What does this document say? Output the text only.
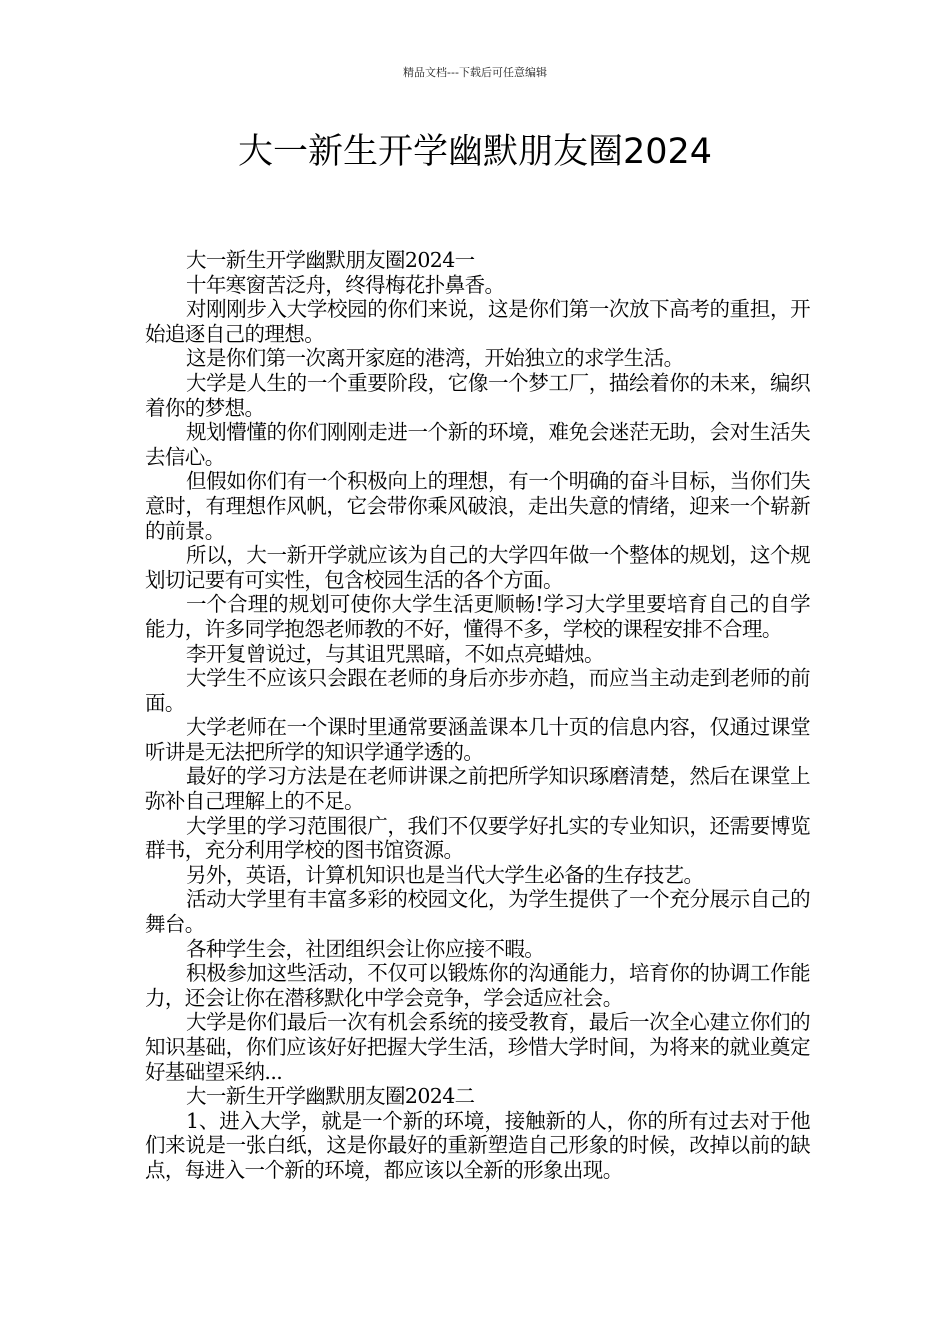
精品文档---下载后可任意编辑
大一新生开学幽默朋友圈2024

大一新生开学幽默朋友圈2024一

十年寒窗苦泛舟，终得梅花扑鼻香。

对刚刚步入大学校园的你们来说，这是你们第一次放下高考的重担，开始追逐自己的理想。

这是你们第一次离开家庭的港湾，开始独立的求学生活。

大学是人生的一个重要阶段，它像一个梦工厂，描绘着你的未来，编织着你的梦想。

规划懵懂的你们刚刚走进一个新的环境，难免会迷茫无助，会对生活失去信心。

但假如你们有一个积极向上的理想，有一个明确的奋斗目标，当你们失意时，有理想作风帆，它会带你乘风破浪，走出失意的情绪，迎来一个崭新的前景。

所以，大一新开学就应该为自己的大学四年做一个整体的规划，这个规划切记要有可实性，包含校园生活的各个方面。

一个合理的规划可使你大学生活更顺畅!学习大学里要培育自己的自学能力，许多同学抱怨老师教的不好，懂得不多，学校的课程安排不合理。

李开复曾说过，与其诅咒黑暗，不如点亮蜡烛。

大学生不应该只会跟在老师的身后亦步亦趋，而应当主动走到老师的前面。

大学老师在一个课时里通常要涵盖课本几十页的信息内容，仅通过课堂听讲是无法把所学的知识学通学透的。

最好的学习方法是在老师讲课之前把所学知识琢磨清楚，然后在课堂上弥补自己理解上的不足。

大学里的学习范围很广，我们不仅要学好扎实的专业知识，还需要博览群书，充分利用学校的图书馆资源。

另外，英语，计算机知识也是当代大学生必备的生存技艺。

活动大学里有丰富多彩的校园文化，为学生提供了一个充分展示自己的舞台。

各种学生会，社团组织会让你应接不暇。

积极参加这些活动，不仅可以锻炼你的沟通能力，培育你的协调工作能力，还会让你在潜移默化中学会竞争，学会适应社会。

大学是你们最后一次有机会系统的接受教育，最后一次全心建立你们的知识基础，你们应该好好把握大学生活，珍惜大学时间，为将来的就业奠定好基础望采纳...

大一新生开学幽默朋友圈2024二

1、进入大学，就是一个新的环境，接触新的人，你的所有过去对于他们来说是一张白纸，这是你最好的重新塑造自己形象的时候，改掉以前的缺点，每进入一个新的环境，都应该以全新的形象出现。
